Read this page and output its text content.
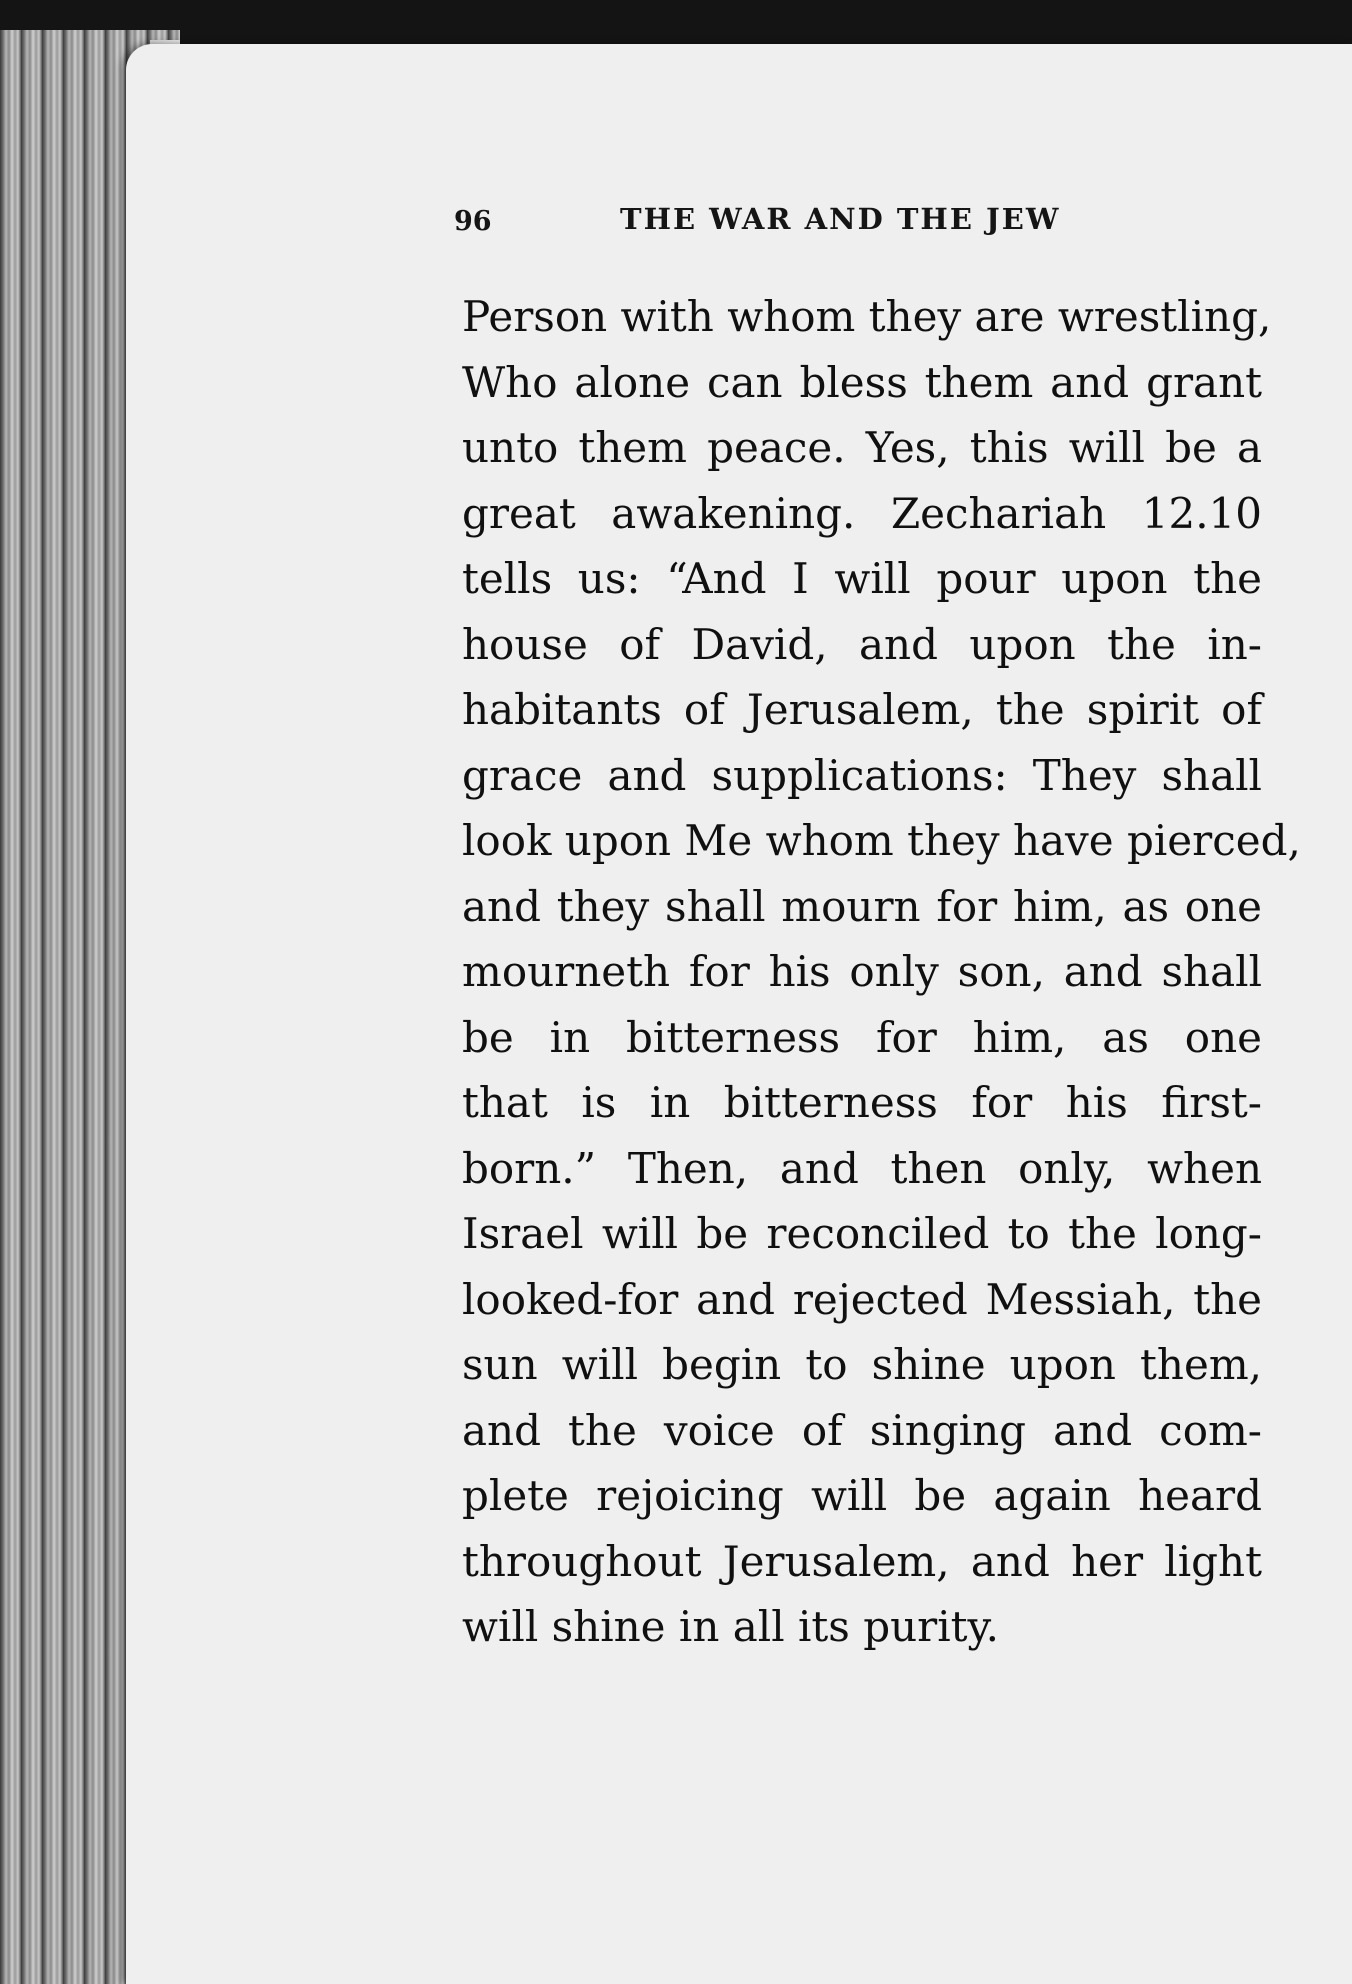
96	THE WAR AND THE JEW
Person with whom they are wrestling,
Who alone can bless them and grant
unto them peace. Yes, this will be a
great awakening. Zechariah 12.10
tells us: “And I will pour upon the
house of David, and upon the in-
habitants of Jerusalem, the spirit of
grace and supplications: They shall
look upon Me whom they have pierced,
and they shall mourn for him, as one
mourneth for his only son, and shall
be in bitterness for him, as one
that is in bitterness for his first-
born.” Then, and then only, when
Israel will be reconciled to the long-
looked-for and rejected Messiah, the
sun will begin to shine upon them,
and the voice of singing and com-
plete rejoicing will be again heard
throughout Jerusalem, and her light
will shine in all its purity.
